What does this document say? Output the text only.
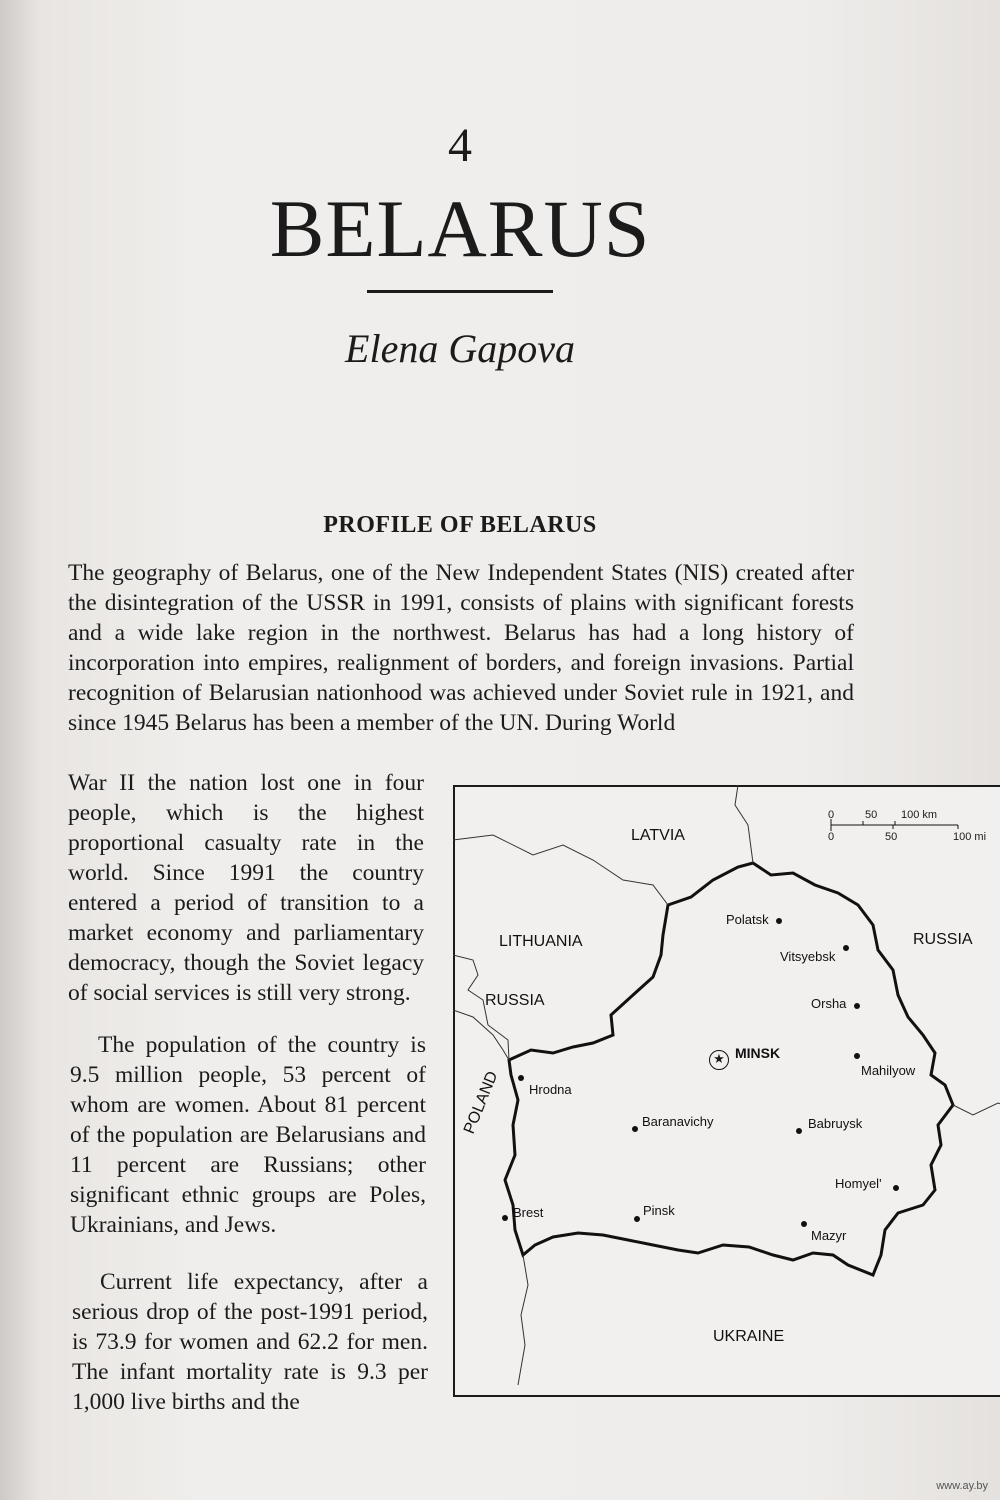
4
BELARUS
Elena Gapova
PROFILE OF BELARUS
The geography of Belarus, one of the New Independent States (NIS) created after the disintegration of the USSR in 1991, consists of plains with significant forests and a wide lake region in the northwest. Belarus has had a long history of incorporation into empires, realignment of borders, and foreign invasions. Partial recognition of Belarusian nationhood was achieved under Soviet rule in 1921, and since 1945 Belarus has been a member of the UN. During World
War II the nation lost one in four people, which is the highest proportional casualty rate in the world. Since 1991 the country entered a period of transition to a market economy and parliamentary democracy, though the Soviet legacy of social services is still very strong.
The population of the country is 9.5 million people, 53 percent of whom are women. About 81 percent of the population are Belarusians and 11 percent are Russians; other significant ethnic groups are Poles, Ukrainians, and Jews.
Current life expectancy, after a serious drop of the post-1991 period, is 73.9 for women and 62.2 for men. The infant mortality rate is 9.3 per 1,000 live births and the
0	50 100 km
0	50	100 mi
LATVIA
LITHUANIA
RUSSIA
RUSSIA
POLAND
UKRAINE
★ MINSK
Polatsk
Vitsyebsk
Orsha
Mahilyow
Hrodna
Baranavichy	Babruysk
Homyel'
Brest	Pinsk
Mazyr
www.ay.by
